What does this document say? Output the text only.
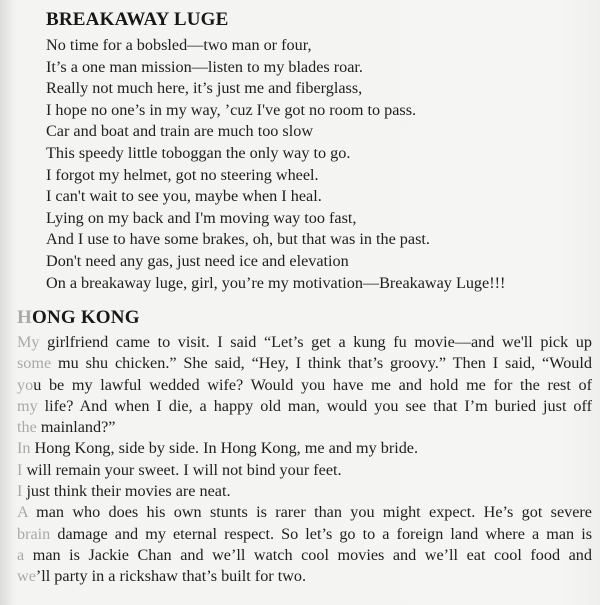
BREAKAWAY LUGE
No time for a bobsled—two man or four,
It’s a one man mission—listen to my blades roar.
Really not much here, it’s just me and fiberglass,
I hope no one’s in my way, ’cuz I've got no room to pass.
Car and boat and train are much too slow
This speedy little toboggan the only way to go.
I forgot my helmet, got no steering wheel.
I can't wait to see you, maybe when I heal.
Lying on my back and I'm moving way too fast,
And I use to have some brakes, oh, but that was in the past.
Don't need any gas, just need ice and elevation
On a breakaway luge, girl, you’re my motivation—Breakaway Luge!!!
HONG KONG
My girlfriend came to visit. I said “Let’s get a kung fu movie—and we'll pick up
some mu shu chicken.” She said, “Hey, I think that’s groovy.” Then I said, “Would
you be my lawful wedded wife? Would you have me and hold me for the rest of
my life? And when I die, a happy old man, would you see that I’m buried just off
the mainland?”
In Hong Kong, side by side. In Hong Kong, me and my bride.
I will remain your sweet. I will not bind your feet.
I just think their movies are neat.
A man who does his own stunts is rarer than you might expect. He’s got severe
brain damage and my eternal respect. So let’s go to a foreign land where a man is
a man is Jackie Chan and we’ll watch cool movies and we’ll eat cool food and
we’ll party in a rickshaw that’s built for two.
